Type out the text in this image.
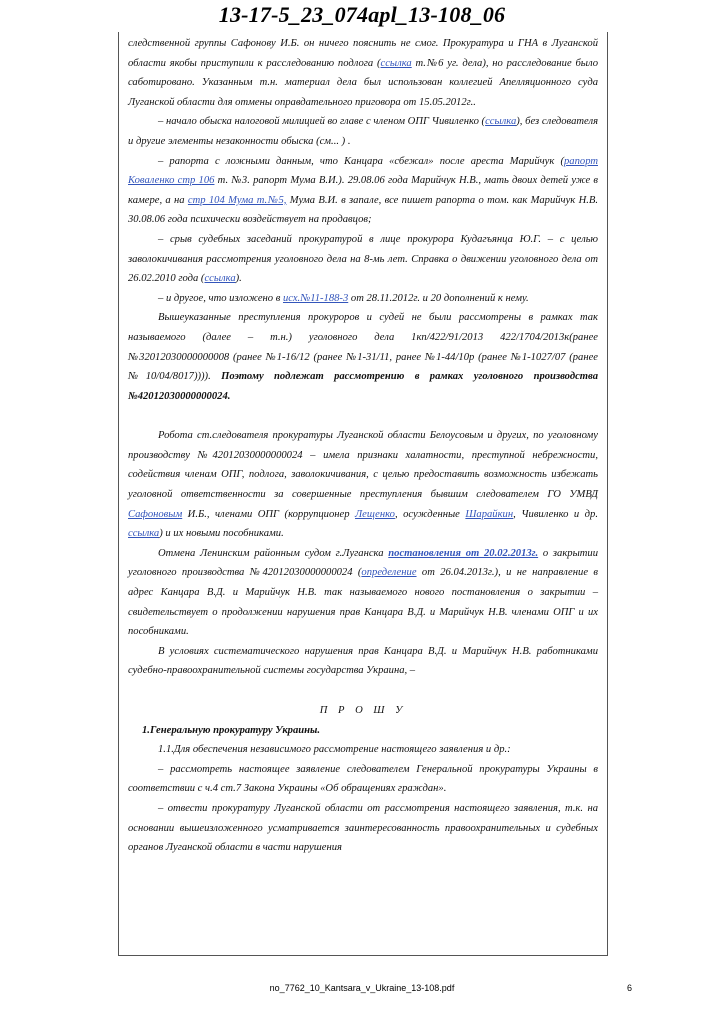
13-17-5_23_074apl_13-108_06

следственной группы Сафонову И.Б. он ничего пояснить не смог. Прокуратура и ГНА в Луганской области якобы приступили к расследованию подлога (ссылка т.№6 уг. дела), но расследование было саботировано. Указанным т.н. материал дела был использован коллегией Апелляционного суда Луганской области для отмены оправдательного приговора от 15.05.2012г..

– начало обыска налоговой милицией во главе с членом ОПГ Чивиленко (ссылка), без следователя и другие элементы незаконности обыска (см... ) .

– рапорта с ложными данным, что Канцара «сбежал» после ареста Марийчук (рапорт Коваленко стр 106 т. №3. рапорт Мума В.И.). 29.08.06 года Марийчук Н.В., мать двоих детей уже в камере, а на стр 104 Мума т.№5, Мума В.И. в запале, все пишет рапорта о том. как Марийчук Н.В. 30.08.06 года психически воздействует на продавцов;

– срыв судебных заседаний прокуратурой в лице прокурора Кудагъянца Ю.Г. – с целью заволокичивания рассмотрения уголовного дела на 8-мь лет. Справка о движении уголовного дела от 26.02.2010 года (ссылка).

– и другое, что изложено в исх.№11-188-3 от 28.11.2012г. и 20 дополнений к нему.

Вышеуказанные преступления прокуроров и судей не были рассмотрены в рамках так называемого (далее – т.н.) уголовного дела 1кп/422/91/2013 422/1704/2013к(ранее №32012030000000008 (ранее №1-16/12 (ранее №1-31/11, ранее №1-44/10р (ранее №1-1027/07 (ранее №10/04/8017)))). Поэтому подлежат рассмотрению в рамках уголовного производства №42012030000000024.

Робота ст.следователя прокуратуры Луганской области Белоусовым и других, по уголовному производству №42012030000000024 – имела признаки халатности, преступной небрежности, содействия членам ОПГ, подлога, заволокичивания, с целью предоставить возможность избежать уголовной ответственности за совершенные преступления бывшим следователем ГО УМВД Сафоновым И.Б., членами ОПГ (коррупционер Лещенко, осужденные Шарайкин, Чивиленко и др. ссылка) и их новыми пособниками.

Отмена Ленинским районным судом г.Луганска постановления от 20.02.2013г. о закрытии уголовного производства №42012030000000024 (определение от 26.04.2013г.), и не направление в адрес Канцара В.Д. и Марийчук Н.В. так называемого нового постановления о закрытии – свидетельствует о продолжении нарушения прав Канцара В.Д. и Марийчук Н.В. членами ОПГ и их пособниками.

В условиях систематического нарушения прав Канцара В.Д. и Марийчук Н.В. работниками судебно-правоохранительной системы государства Украина, –

П Р О Ш У

1.Генеральную прокуратуру Украины.

1.1.Для обеспечения независимого рассмотрение настоящего заявления и др.:

– рассмотреть настоящее заявление следователем Генеральной прокуратуры Украины в соответствии с ч.4 ст.7 Закона Украины «Об обращениях граждан».

– отвести прокуратуру Луганской области от рассмотрения настоящего заявления, т.к. на основании вышеизложенного усматривается заинтересованность правоохранительных и судебных органов Луганской области в части нарушения

no_7762_10_Kantsara_v_Ukraine_13-108.pdf	6
